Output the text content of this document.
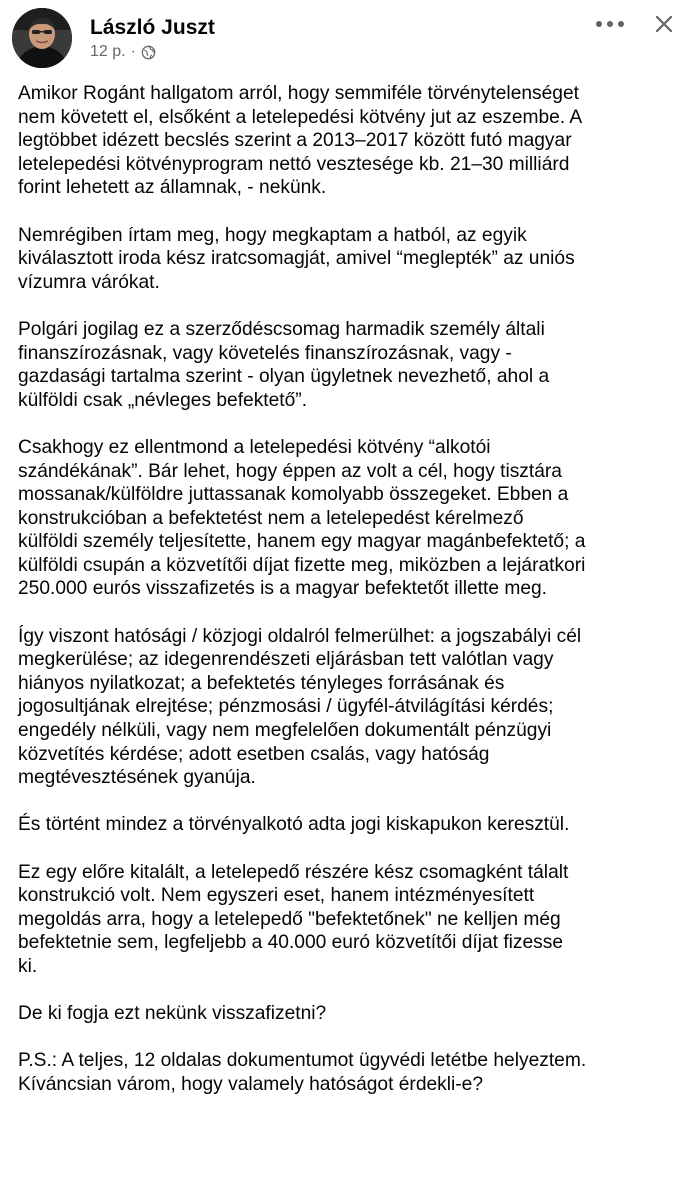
László Juszt
12 p. ·

Amikor Rogánt hallgatom arról, hogy semmiféle törvénytelenséget
nem követett el, elsőként a letelepedési kötvény jut az eszembe. A
legtöbbet idézett becslés szerint a 2013–2017 között futó magyar
letelepedési kötvényprogram nettó vesztesége kb. 21–30 milliárd
forint lehetett az államnak, - nekünk.

Nemrégiben írtam meg, hogy megkaptam a hatból, az egyik
kiválasztott iroda kész iratcsomagját, amivel “meglepték” az uniós
vízumra várókat.

Polgári jogilag ez a szerződéscsomag harmadik személy általi
finanszírozásnak, vagy követelés finanszírozásnak, vagy -
gazdasági tartalma szerint - olyan ügyletnek nevezhető, ahol a
külföldi csak „névleges befektető”.

Csakhogy ez ellentmond a letelepedési kötvény “alkotói
szándékának”. Bár lehet, hogy éppen az volt a cél, hogy tisztára
mossanak/külföldre juttassanak komolyabb összegeket. Ebben a
konstrukcióban a befektetést nem a letelepedést kérelmező
külföldi személy teljesítette, hanem egy magyar magánbefektető; a
külföldi csupán a közvetítői díjat fizette meg, miközben a lejáratkori
250.000 eurós visszafizetés is a magyar befektetőt illette meg.

Így viszont hatósági / közjogi oldalról felmerülhet: a jogszabályi cél
megkerülése; az idegenrendészeti eljárásban tett valótlan vagy
hiányos nyilatkozat; a befektetés tényleges forrásának és
jogosultjának elrejtése; pénzmosási / ügyfél-átvilágítási kérdés;
engedély nélküli, vagy nem megfelelően dokumentált pénzügyi
közvetítés kérdése; adott esetben csalás, vagy hatóság
megtévesztésének gyanúja.

És történt mindez a törvényalkotó adta jogi kiskapukon keresztül.

Ez egy előre kitalált, a letelepedő részére kész csomagként tálalt
konstrukció volt. Nem egyszeri eset, hanem intézményesített
megoldás arra, hogy a letelepedő "befektetőnek" ne kelljen még
befektetnie sem, legfeljebb a 40.000 euró közvetítői díjat fizesse
ki.

De ki fogja ezt nekünk visszafizetni?

P.S.: A teljes, 12 oldalas dokumentumot ügyvédi letétbe helyeztem.
Kíváncsian várom, hogy valamely hatóságot érdekli-e?
